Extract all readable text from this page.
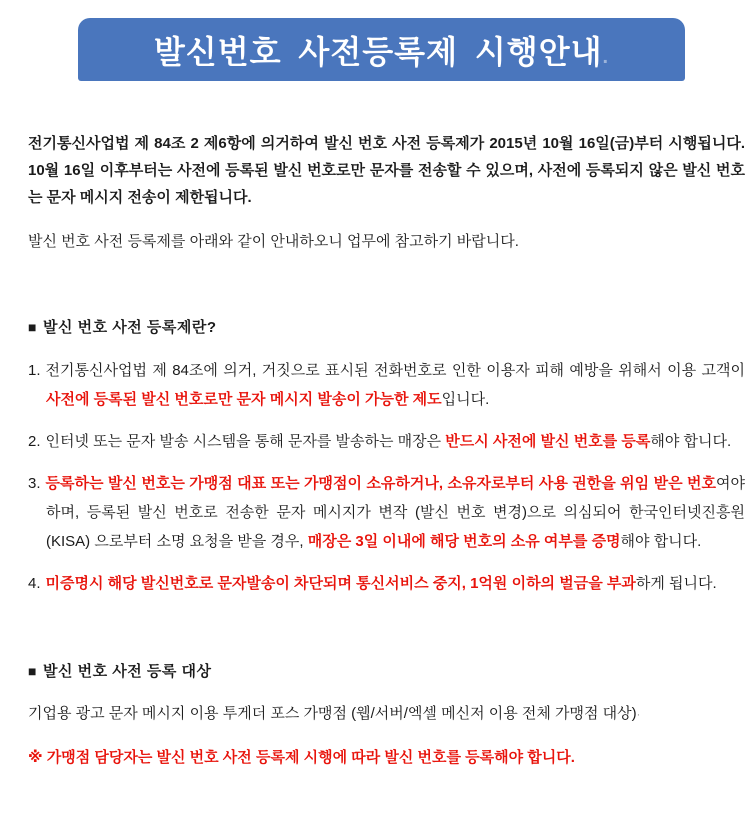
발신번호 사전등록제 시행안내.

전기통신사업법 제 84조 2 제6항에 의거하여 발신 번호 사전 등록제가 2015년 10월 16일(금)부터 시행됩니다. 10월 16일 이후부터는 사전에 등록된 발신 번호로만 문자를 전송할 수 있으며, 사전에 등록되지 않은 발신 번호는 문자 메시지 전송이 제한됩니다.

발신 번호 사전 등록제를 아래와 같이 안내하오니 업무에 참고하기 바랍니다.

■ 발신 번호 사전 등록제란?

1. 전기통신사업법 제 84조에 의거, 거짓으로 표시된 전화번호로 인한 이용자 피해 예방을 위해서 이용 고객이 사전에 등록된 발신 번호로만 문자 메시지 발송이 가능한 제도입니다.

2. 인터넷 또는 문자 발송 시스템을 통해 문자를 발송하는 매장은 반드시 사전에 발신 번호를 등록해야 합니다.

3. 등록하는 발신 번호는 가맹점 대표 또는 가맹점이 소유하거나, 소유자로부터 사용 권한을 위임 받은 번호여야 하며, 등록된 발신 번호로 전송한 문자 메시지가 변작 (발신 번호 변경)으로 의심되어 한국인터넷진흥원(KISA) 으로부터 소명 요청을 받을 경우, 매장은 3일 이내에 해당 번호의 소유 여부를 증명해야 합니다.

4. 미증명시 해당 발신번호로 문자발송이 차단되며 통신서비스 중지, 1억원 이하의 벌금을 부과하게 됩니다.

■ 발신 번호 사전 등록 대상

기업용 광고 문자 메시지 이용 투게더 포스 가맹점 (웹/서버/엑셀 메신저 이용 전체 가맹점 대상)·

※ 가맹점 담당자는 발신 번호 사전 등록제 시행에 따라 발신 번호를 등록해야 합니다.
